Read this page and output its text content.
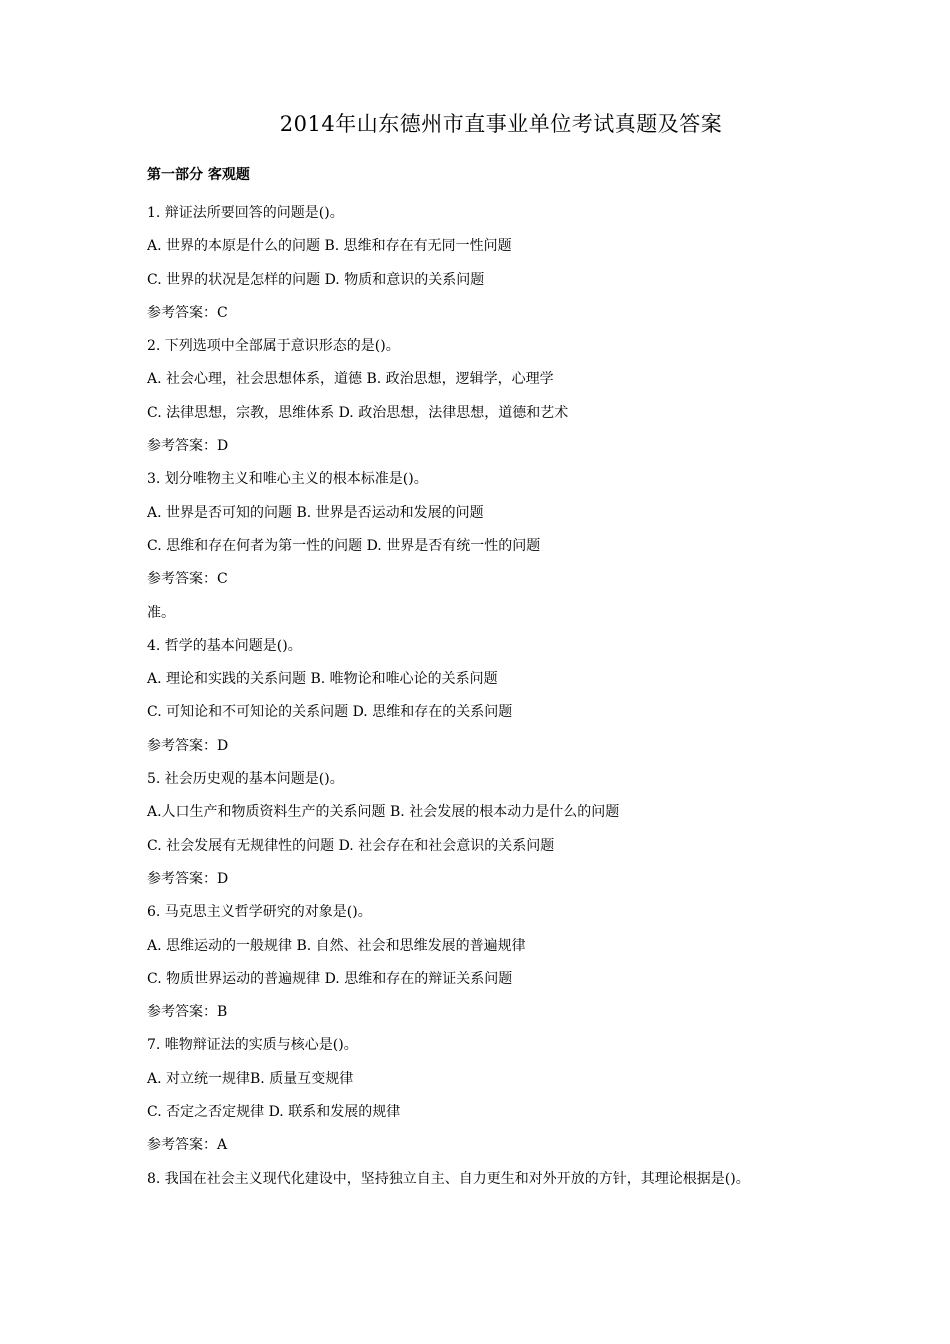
2014年山东德州市直事业单位考试真题及答案
第一部分 客观题
1. 辩证法所要回答的问题是()。
A. 世界的本原是什么的问题 B. 思维和存在有无同一性问题
C. 世界的状况是怎样的问题 D. 物质和意识的关系问题
参考答案：C
2. 下列选项中全部属于意识形态的是()。
A. 社会心理，社会思想体系，道德 B. 政治思想，逻辑学，心理学
C. 法律思想，宗教，思维体系 D. 政治思想，法律思想，道德和艺术
参考答案：D
3. 划分唯物主义和唯心主义的根本标准是()。
A. 世界是否可知的问题 B. 世界是否运动和发展的问题
C. 思维和存在何者为第一性的问题 D. 世界是否有统一性的问题
参考答案：C
准。
4. 哲学的基本问题是()。
A. 理论和实践的关系问题 B. 唯物论和唯心论的关系问题
C. 可知论和不可知论的关系问题 D. 思维和存在的关系问题
参考答案：D
5. 社会历史观的基本问题是()。
A.人口生产和物质资料生产的关系问题 B. 社会发展的根本动力是什么的问题
C. 社会发展有无规律性的问题 D. 社会存在和社会意识的关系问题
参考答案：D
6. 马克思主义哲学研究的对象是()。
A. 思维运动的一般规律 B. 自然、社会和思维发展的普遍规律
C. 物质世界运动的普遍规律 D. 思维和存在的辩证关系问题
参考答案：B
7. 唯物辩证法的实质与核心是()。
A. 对立统一规律B. 质量互变规律
C. 否定之否定规律 D. 联系和发展的规律
参考答案：A

8. 我国在社会主义现代化建设中，坚持独立自主、自力更生和对外开放的方针，其理论根据是()。
